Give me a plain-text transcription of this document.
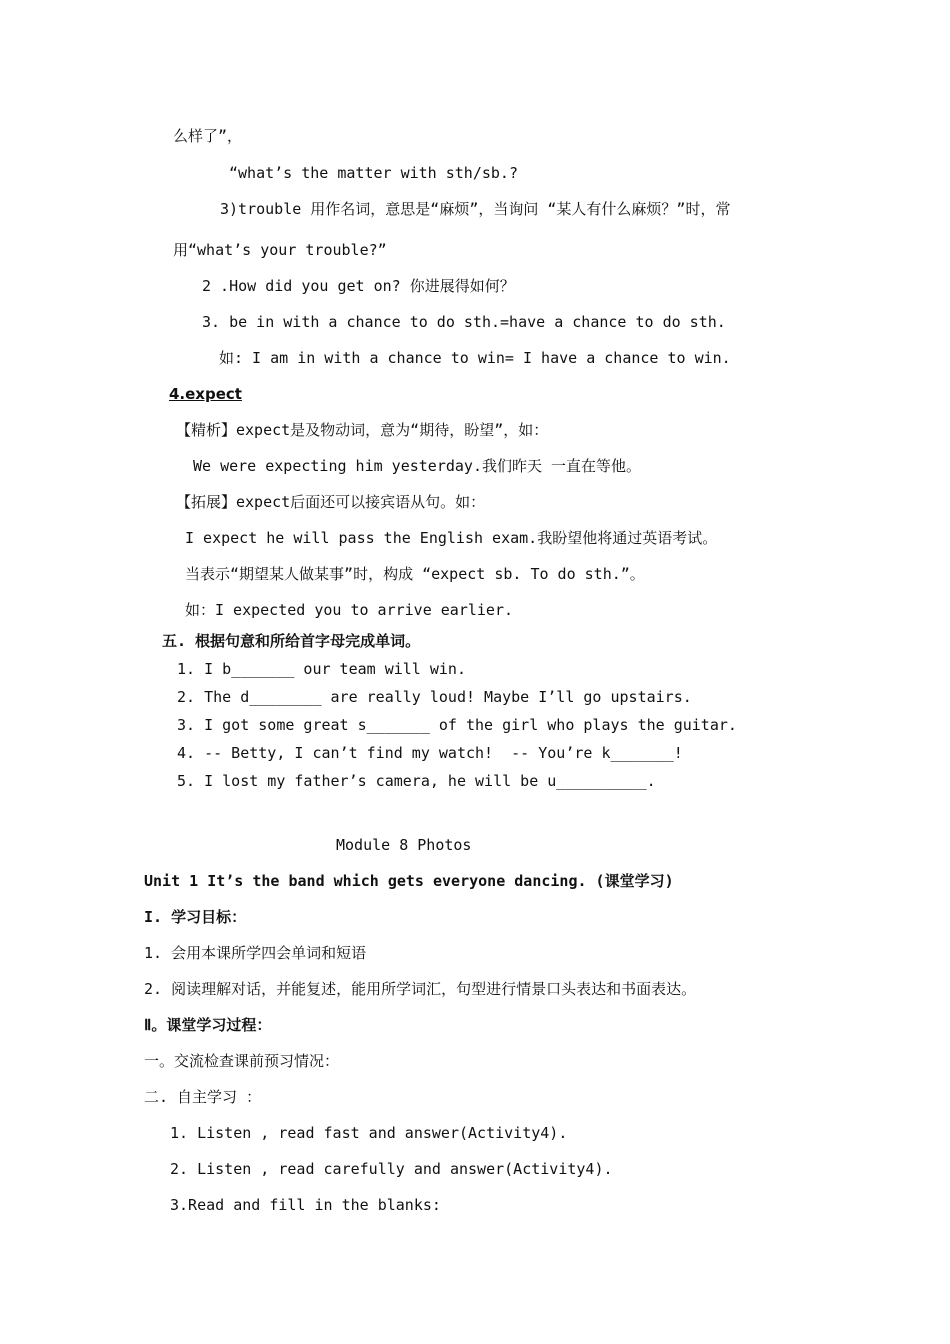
么样了”，
“what’s the matter with sth/sb.?
3)trouble 用作名词，意思是“麻烦”，当询问 “某人有什么麻烦？”时，常
用“what’s your trouble?”
2 .How did you get on? 你进展得如何？
3. be in with a chance to do sth.=have a chance to do sth.
如: I am in with a chance to win= I have a chance to win.
4.expect
【精析】expect是及物动词，意为“期待，盼望”，如：
We were expecting him yesterday.我们昨天 一直在等他。
【拓展】expect后面还可以接宾语从句。如：
I expect he will pass the English exam.我盼望他将通过英语考试。
当表示“期望某人做某事”时，构成 “expect sb. To do sth.”。
如：I expected you to arrive earlier.
五. 根据句意和所给首字母完成单词。
1. I b_______ our team will win.
2. The d________ are really loud! Maybe I’ll go upstairs.
3. I got some great s_______ of the girl who plays the guitar.
4. -- Betty, I can’t find my watch!  -- You’re k_______!
5. I lost my father’s camera, he will be u__________.
Module 8 Photos
Unit 1 It’s the band which gets everyone dancing. (课堂学习)
I. 学习目标：
1. 会用本课所学四会单词和短语
2. 阅读理解对话，并能复述，能用所学词汇，句型进行情景口头表达和书面表达。
Ⅱ。课堂学习过程：
一。交流检查课前预习情况：
二. 自主学习 ：
1. Listen , read fast and answer(Activity4).
2. Listen , read carefully and answer(Activity4).
3.Read and fill in the blanks:
